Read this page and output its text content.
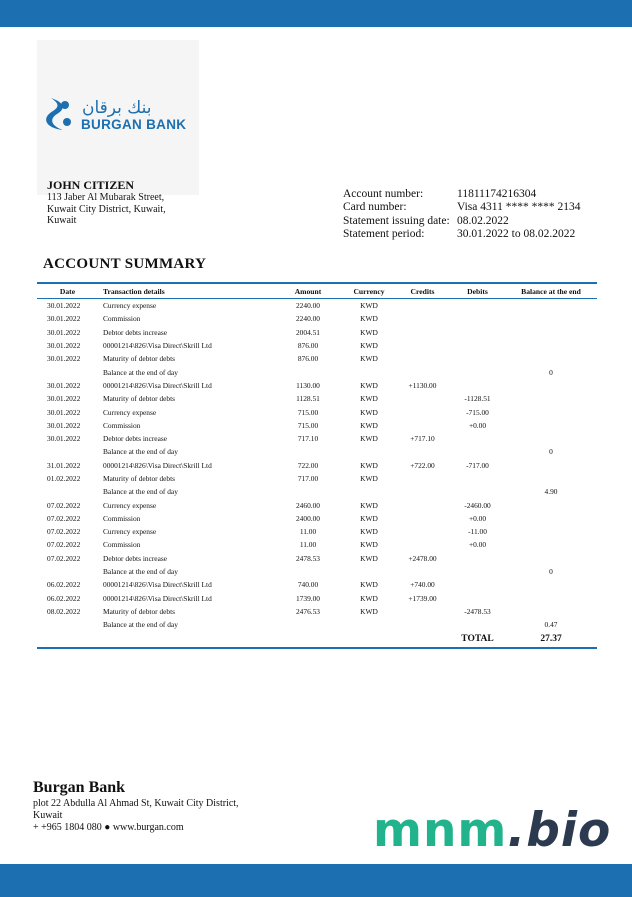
بنك برقان
BURGAN BANK
JOHN CITIZEN
113 Jaber Al Mubarak Street,
Kuwait City District, Kuwait,
Kuwait
Account number:	11811174216304
Card number:	Visa 4311 **** **** 2134
Statement issuing date: 08.02.2022
Statement period:	30.01.2022 to 08.02.2022
ACCOUNT SUMMARY
Date	Transaction details	Amount	Currency	Credits	Debits	Balance at the end
30.01.2022	Currency expense	2240.00	KWD			
30.01.2022	Commission	2240.00	KWD			
30.01.2022	Debtor debts increase	2004.51	KWD			
30.01.2022	00001214\826\Visa Direct\Skrill Ltd	876.00	KWD			
30.01.2022	Maturity of debtor debts	876.00	KWD			
	Balance at the end of day					0
30.01.2022	00001214\826\Visa Direct\Skrill Ltd	1130.00	KWD	+1130.00		
30.01.2022	Maturity of debtor debts	1128.51	KWD		-1128.51	
30.01.2022	Currency expense	715.00	KWD		-715.00	
30.01.2022	Commission	715.00	KWD		+0.00	
30.01.2022	Debtor debts increase	717.10	KWD	+717.10		
	Balance at the end of day					0
31.01.2022	00001214\826\Visa Direct\Skrill Ltd	722.00	KWD	+722.00	-717.00	
01.02.2022	Maturity of debtor debts	717.00	KWD			
	Balance at the end of day					4.90
07.02.2022	Currency expense	2460.00	KWD		-2460.00	
07.02.2022	Commission	2400.00	KWD		+0.00	
07.02.2022	Currency expense	11.00	KWD		-11.00	
07.02.2022	Commission	11.00	KWD		+0.00	
07.02.2022	Debtor debts increase	2478.53	KWD	+2478.00		
	Balance at the end of day					0
06.02.2022	00001214\826\Visa Direct\Skrill Ltd	740.00	KWD	+740.00		
06.02.2022	00001214\826\Visa Direct\Skrill Ltd	1739.00	KWD	+1739.00		
08.02.2022	Maturity of debtor debts	2476.53	KWD		-2478.53	
	Balance at the end of day					0.47
					TOTAL	27.37
Burgan Bank
plot 22 Abdulla Al Ahmad St, Kuwait City District,
Kuwait
+ +965 1804 080 ● www.burgan.com	mnm.bio
